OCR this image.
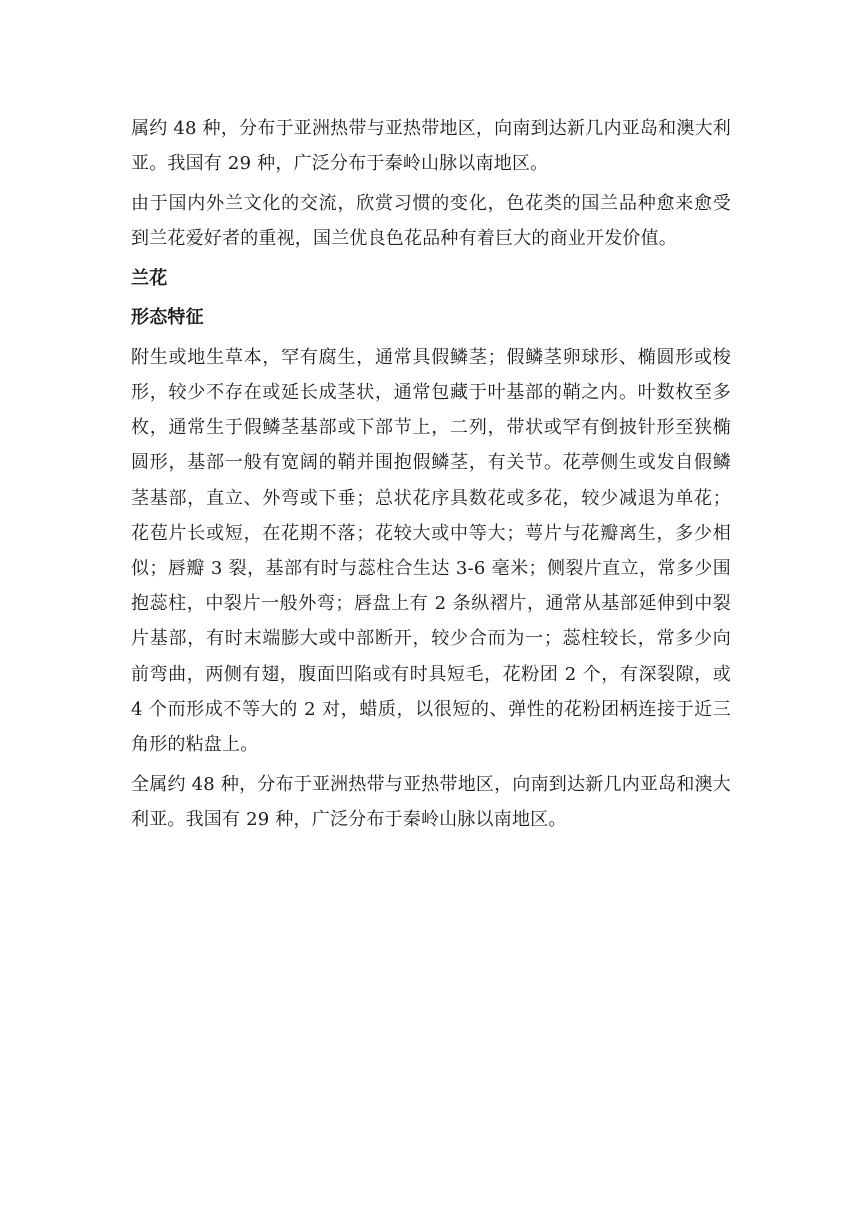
属约 48 种，分布于亚洲热带与亚热带地区，向南到达新几内亚岛和澳大利亚。我国有 29 种，广泛分布于秦岭山脉以南地区。

由于国内外兰文化的交流，欣赏习惯的变化，色花类的国兰品种愈来愈受到兰花爱好者的重视，国兰优良色花品种有着巨大的商业开发价值。

兰花
形态特征

附生或地生草本，罕有腐生，通常具假鳞茎；假鳞茎卵球形、椭圆形或梭形，较少不存在或延长成茎状，通常包藏于叶基部的鞘之内。叶数枚至多枚，通常生于假鳞茎基部或下部节上，二列，带状或罕有倒披针形至狭椭圆形，基部一般有宽阔的鞘并围抱假鳞茎，有关节。花葶侧生或发自假鳞茎基部，直立、外弯或下垂；总状花序具数花或多花，较少减退为单花；花苞片长或短，在花期不落；花较大或中等大；萼片与花瓣离生，多少相似；唇瓣 3 裂，基部有时与蕊柱合生达 3-6 毫米；侧裂片直立，常多少围抱蕊柱，中裂片一般外弯；唇盘上有 2 条纵褶片，通常从基部延伸到中裂片基部，有时末端膨大或中部断开，较少合而为一；蕊柱较长，常多少向前弯曲，两侧有翅，腹面凹陷或有时具短毛，花粉团 2 个，有深裂隙，或 4 个而形成不等大的 2 对，蜡质，以很短的、弹性的花粉团柄连接于近三角形的粘盘上。

全属约 48 种，分布于亚洲热带与亚热带地区，向南到达新几内亚岛和澳大利亚。我国有 29 种，广泛分布于秦岭山脉以南地区。
